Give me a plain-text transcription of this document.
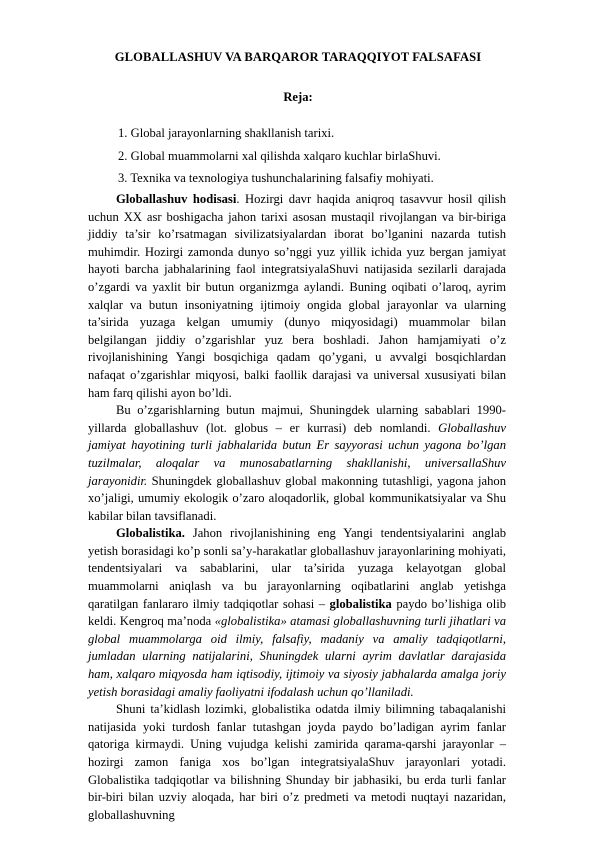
GLOBALLASHUV VA BARQAROR TARAQQIYOT FALSAFASI
Reja:
1. Global jarayonlarning shakllanish tarixi.
2. Global muammolarni xal qilishda xalqaro kuchlar birlaShuvi.
3. Texnika va texnologiya tushunchalarining falsafiy mohiyati.

Globallashuv hodisasi. Hozirgi davr haqida aniqroq tasavvur hosil qilish uchun XX asr boshigacha jahon tarixi asosan mustaqil rivojlangan va bir-biriga jiddiy ta’sir ko’rsatmagan sivilizatsiyalardan iborat bo’lganini nazarda tutish muhimdir. Hozirgi zamonda dunyo so’nggi yuz yillik ichida yuz bergan jamiyat hayoti barcha jabhalarining faol integratsiyalaShuvi natijasida sezilarli darajada o’zgardi va yaxlit bir butun organizmga aylandi. Buning oqibati o’laroq, ayrim xalqlar va butun insoniyatning ijtimoiy ongida global jarayonlar va ularning ta’sirida yuzaga kelgan umumiy (dunyo miqyosidagi) muammolar bilan belgilangan jiddiy o’zgarishlar yuz bera boshladi. Jahon hamjamiyati o’z rivojlanishining Yangi bosqichiga qadam qo’ygani, u avvalgi bosqichlardan nafaqat o’zgarishlar miqyosi, balki faollik darajasi va universal xususiyati bilan ham farq qilishi ayon bo’ldi.

Bu o’zgarishlarning butun majmui, Shuningdek ularning sabablari 1990-yillarda globallashuv (lot. globus – er kurrasi) deb nomlandi. Globallashuv jamiyat hayotining turli jabhalarida butun Er sayyorasi uchun yagona bo’lgan tuzilmalar, aloqalar va munosabatlarning shakllanishi, universallaShuv jarayonidir. Shuningdek globallashuv global makonning tutashligi, yagona jahon xo’jaligi, umumiy ekologik o’zaro aloqadorlik, global kommunikatsiyalar va Shu kabilar bilan tavsiflanadi.

Globalistika. Jahon rivojlanishining eng Yangi tendentsiyalarini anglab yetish borasidagi ko’p sonli sa’y-harakatlar globallashuv jarayonlarining mohiyati, tendentsiyalari va sabablarini, ular ta’sirida yuzaga kelayotgan global muammolarni aniqlash va bu jarayonlarning oqibatlarini anglab yetishga qaratilgan fanlararo ilmiy tadqiqotlar sohasi – globalistika paydo bo’lishiga olib keldi. Kengroq ma’noda «globalistika» atamasi globallashuvning turli jihatlari va global muammolarga oid ilmiy, falsafiy, madaniy va amaliy tadqiqotlarni, jumladan ularning natijalarini, Shuningdek ularni ayrim davlatlar darajasida ham, xalqaro miqyosda ham iqtisodiy, ijtimoiy va siyosiy jabhalarda amalga joriy yetish borasidagi amaliy faoliyatni ifodalash uchun qo’llaniladi.

Shuni ta’kidlash lozimki, globalistika odatda ilmiy bilimning tabaqalanishi natijasida yoki turdosh fanlar tutashgan joyda paydo bo’ladigan ayrim fanlar qatoriga kirmaydi. Uning vujudga kelishi zamirida qarama-qarshi jarayonlar – hozirgi zamon faniga xos bo’lgan integratsiyalaShuv jarayonlari yotadi. Globalistika tadqiqotlar va bilishning Shunday bir jabhasiki, bu erda turli fanlar bir-biri bilan uzviy aloqada, har biri o’z predmeti va metodi nuqtayi nazaridan, globallashuvning
